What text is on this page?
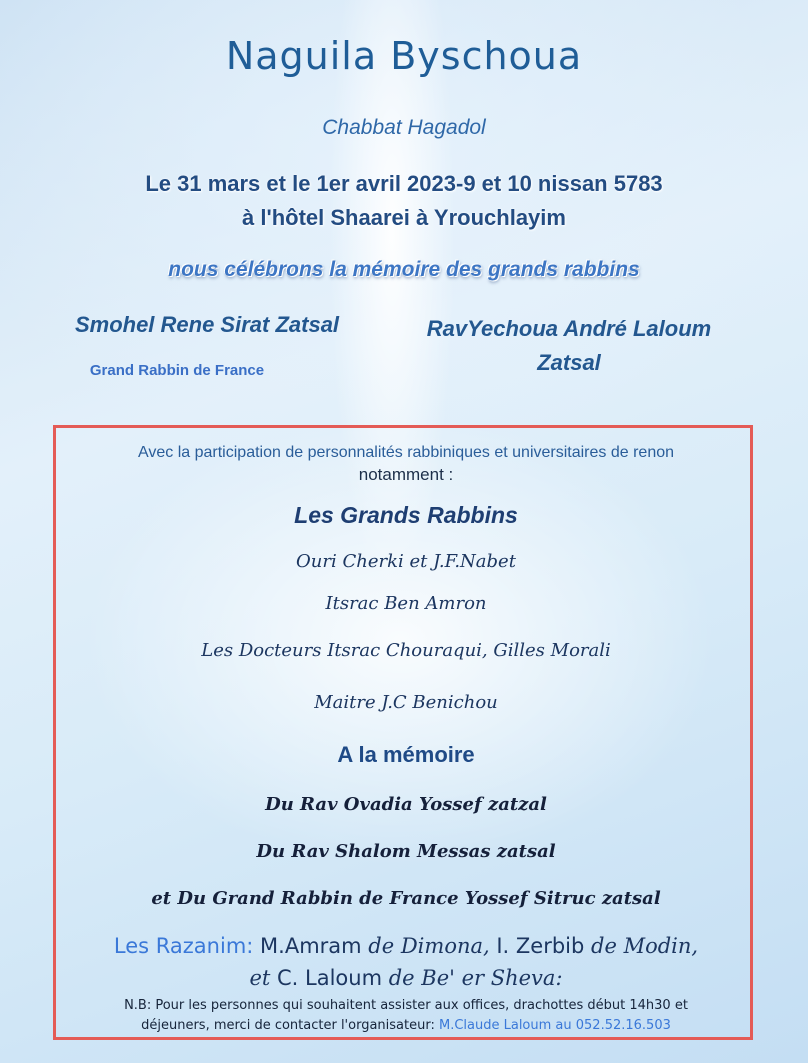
Naguila Byschoua
Chabbat Hagadol
Le 31 mars et le 1er avril 2023-9 et 10 nissan 5783
à l'hôtel Shaarei à Yrouchlayim
nous célébrons la mémoire des grands rabbins
Smohel Rene Sirat Zatsal
Grand Rabbin de France
RavYechoua André Laloum
Zatsal
Avec la participation de personnalités rabbiniques et universitaires de renon
notamment :
Les Grands Rabbins
Ouri Cherki et J.F.Nabet
Itsrac Ben Amron
Les Docteurs Itsrac Chouraqui, Gilles Morali
Maitre J.C Benichou
A la mémoire
Du Rav Ovadia Yossef zatzal
Du Rav Shalom Messas zatsal
et Du Grand Rabbin de France Yossef Sitruc zatsal
Les Razanim: M.Amram de Dimona, I. Zerbib de Modin,
et C. Laloum de Be' er Sheva:
N.B: Pour les personnes qui souhaitent assister aux offices, drachottes début 14h30 et
déjeuners, merci de contacter l'organisateur: M.Claude Laloum au 052.52.16.503
